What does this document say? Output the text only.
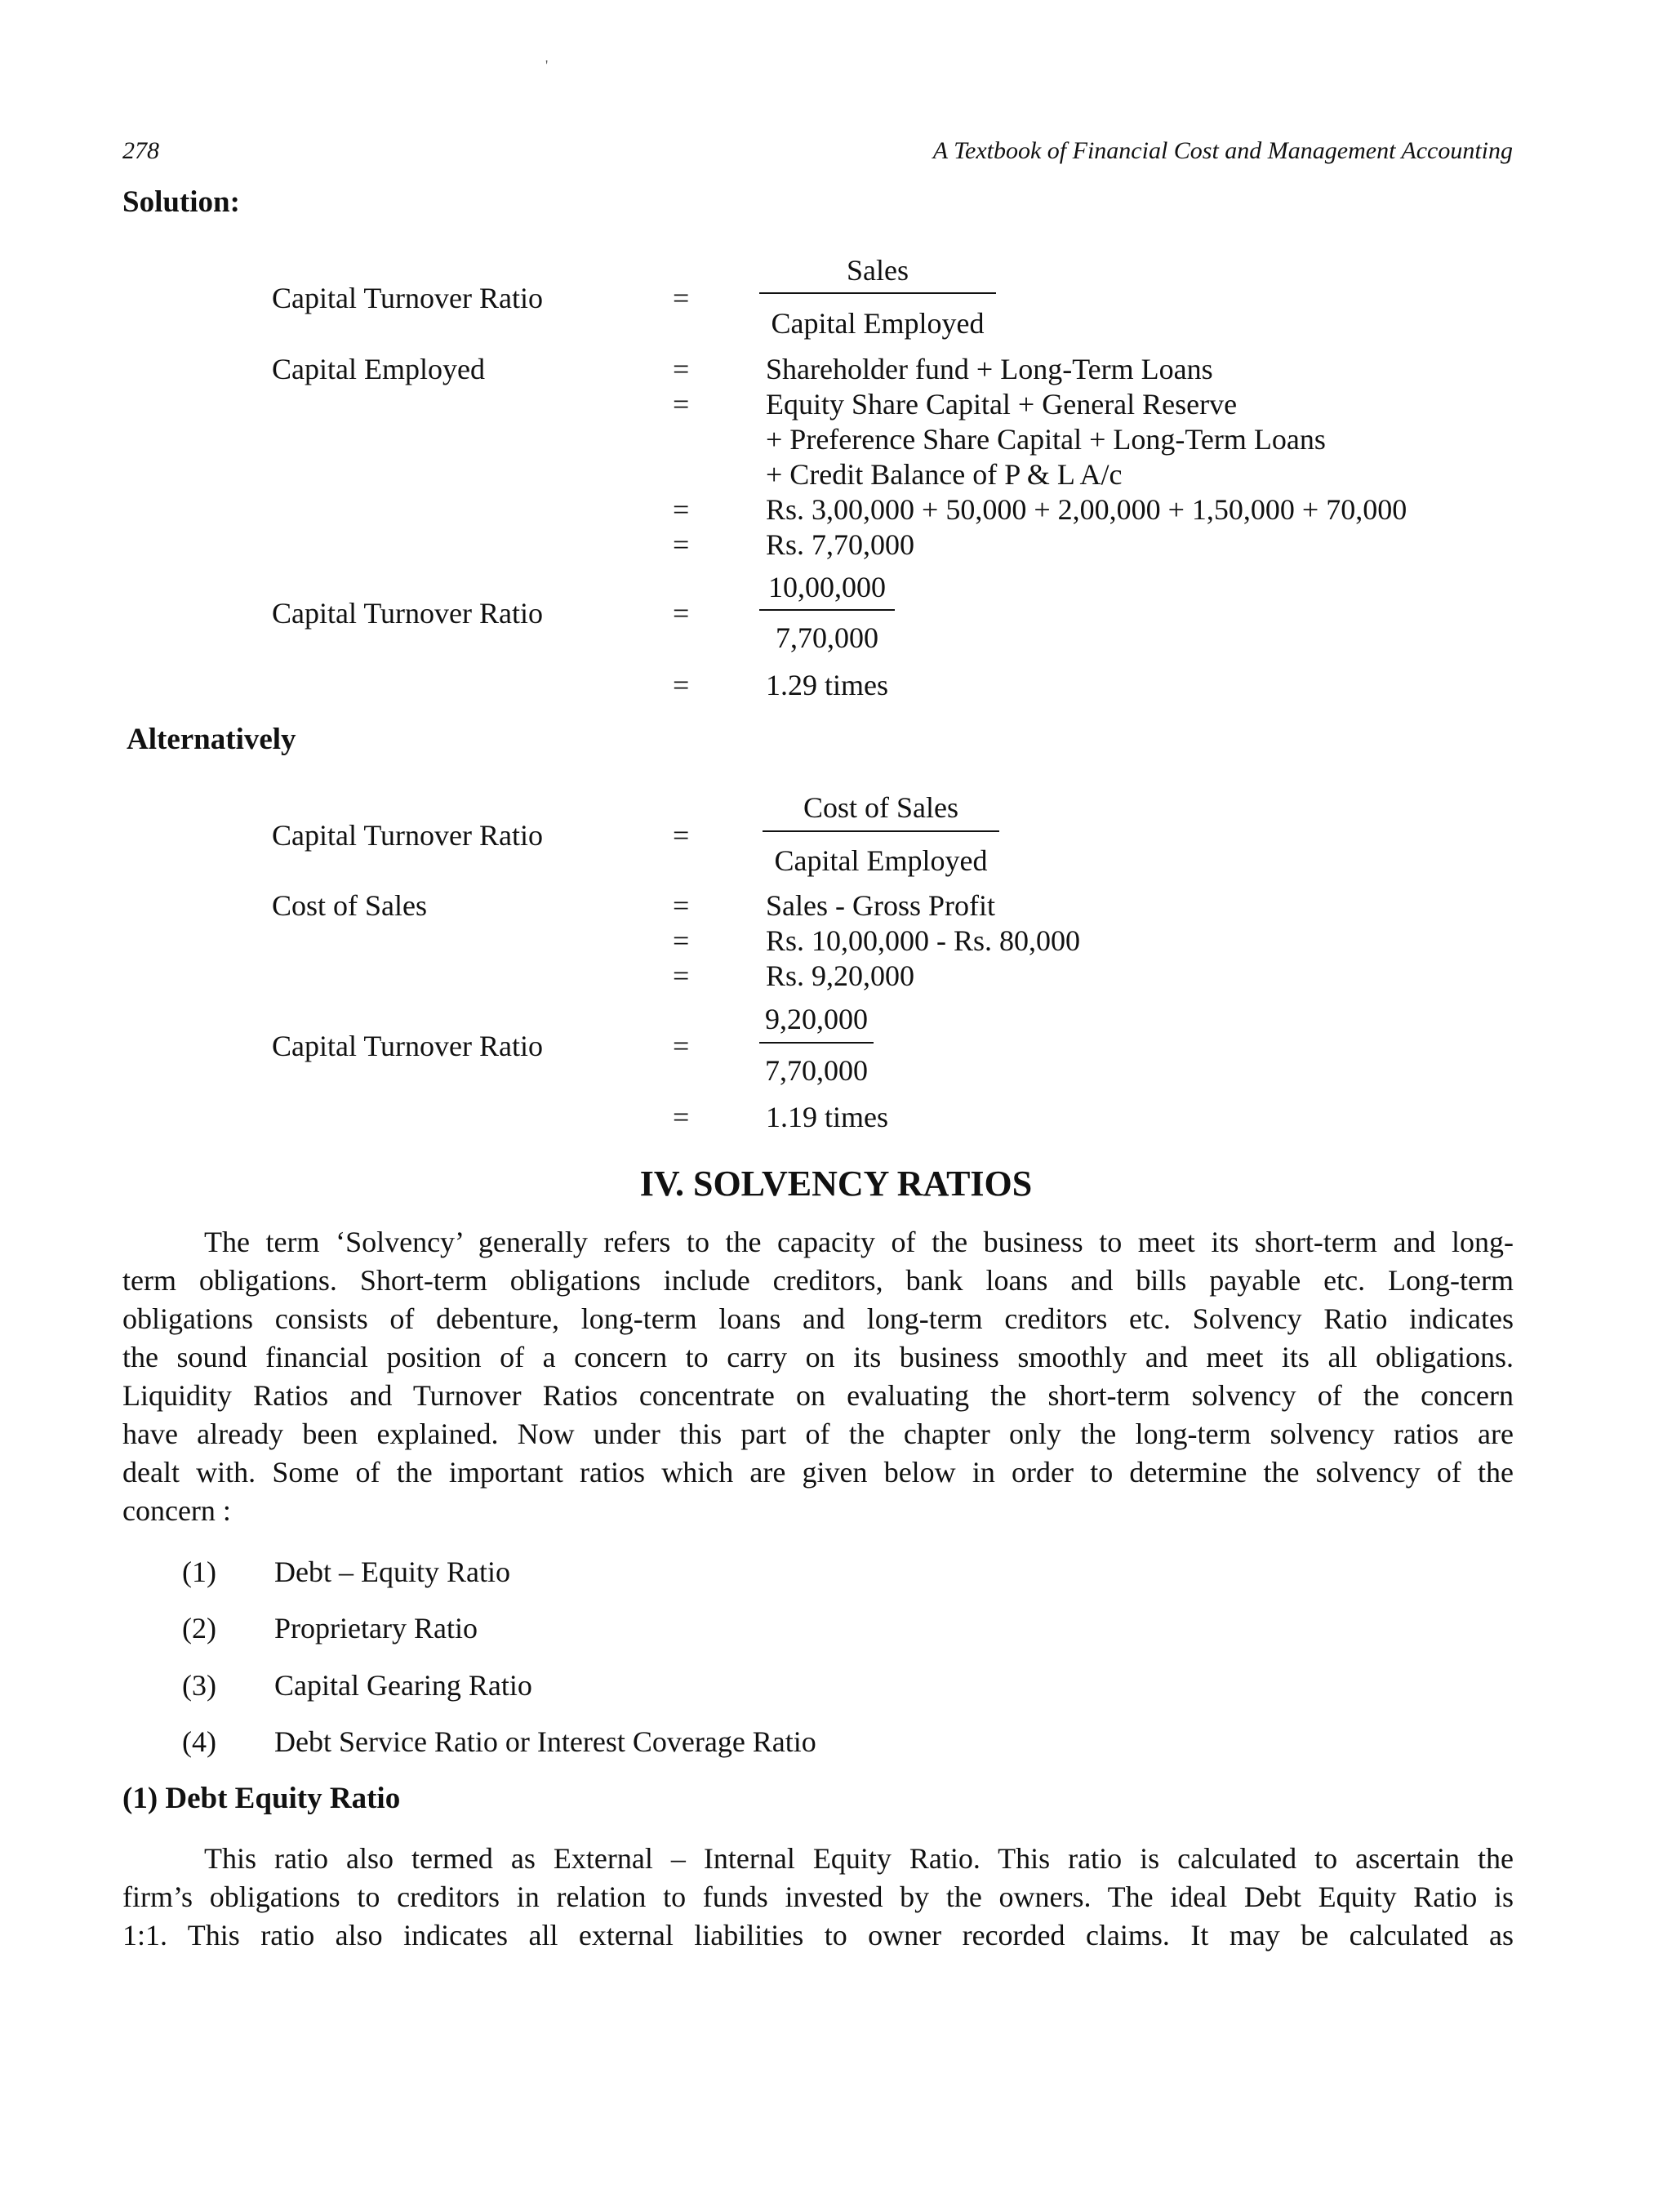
'
278	A Textbook of Financial Cost and Management Accounting
Solution:
Capital Turnover Ratio	=
Sales
Capital Employed
Capital Employed	=	Shareholder fund + Long-Term Loans
=	Equity Share Capital + General Reserve
+ Preference Share Capital + Long-Term Loans
+ Credit Balance of P & L A/c
=	Rs. 3,00,000 + 50,000 + 2,00,000 + 1,50,000 + 70,000
=	Rs. 7,70,000
Capital Turnover Ratio	=
10,00,000
7,70,000
=	1.29 times
Alternatively
Capital Turnover Ratio	=
Cost of Sales
Capital Employed
Cost of Sales	=	Sales - Gross Profit
=	Rs. 10,00,000 - Rs. 80,000
=	Rs. 9,20,000
Capital Turnover Ratio	=
9,20,000
7,70,000
=	1.19 times
IV. SOLVENCY RATIOS
The term ‘Solvency’ generally refers to the capacity of the business to meet its short-term and long-
term obligations. Short-term obligations include creditors, bank loans and bills payable etc. Long-term
obligations consists of debenture, long-term loans and long-term creditors etc. Solvency Ratio indicates
the sound financial position of a concern to carry on its business smoothly and meet its all obligations.
Liquidity Ratios and Turnover Ratios concentrate on evaluating the short-term solvency of the concern
have already been explained. Now under this part of the chapter only the long-term solvency ratios are
dealt with. Some of the important ratios which are given below in order to determine the solvency of the
concern :
(1) Debt – Equity Ratio
(2) Proprietary Ratio
(3) Capital Gearing Ratio
(4) Debt Service Ratio or Interest Coverage Ratio
(1) Debt Equity Ratio
This ratio also termed as External – Internal Equity Ratio. This ratio is calculated to ascertain the
firm’s obligations to creditors in relation to funds invested by the owners. The ideal Debt Equity Ratio is
1:1. This ratio also indicates all external liabilities to owner recorded claims. It may be calculated as
